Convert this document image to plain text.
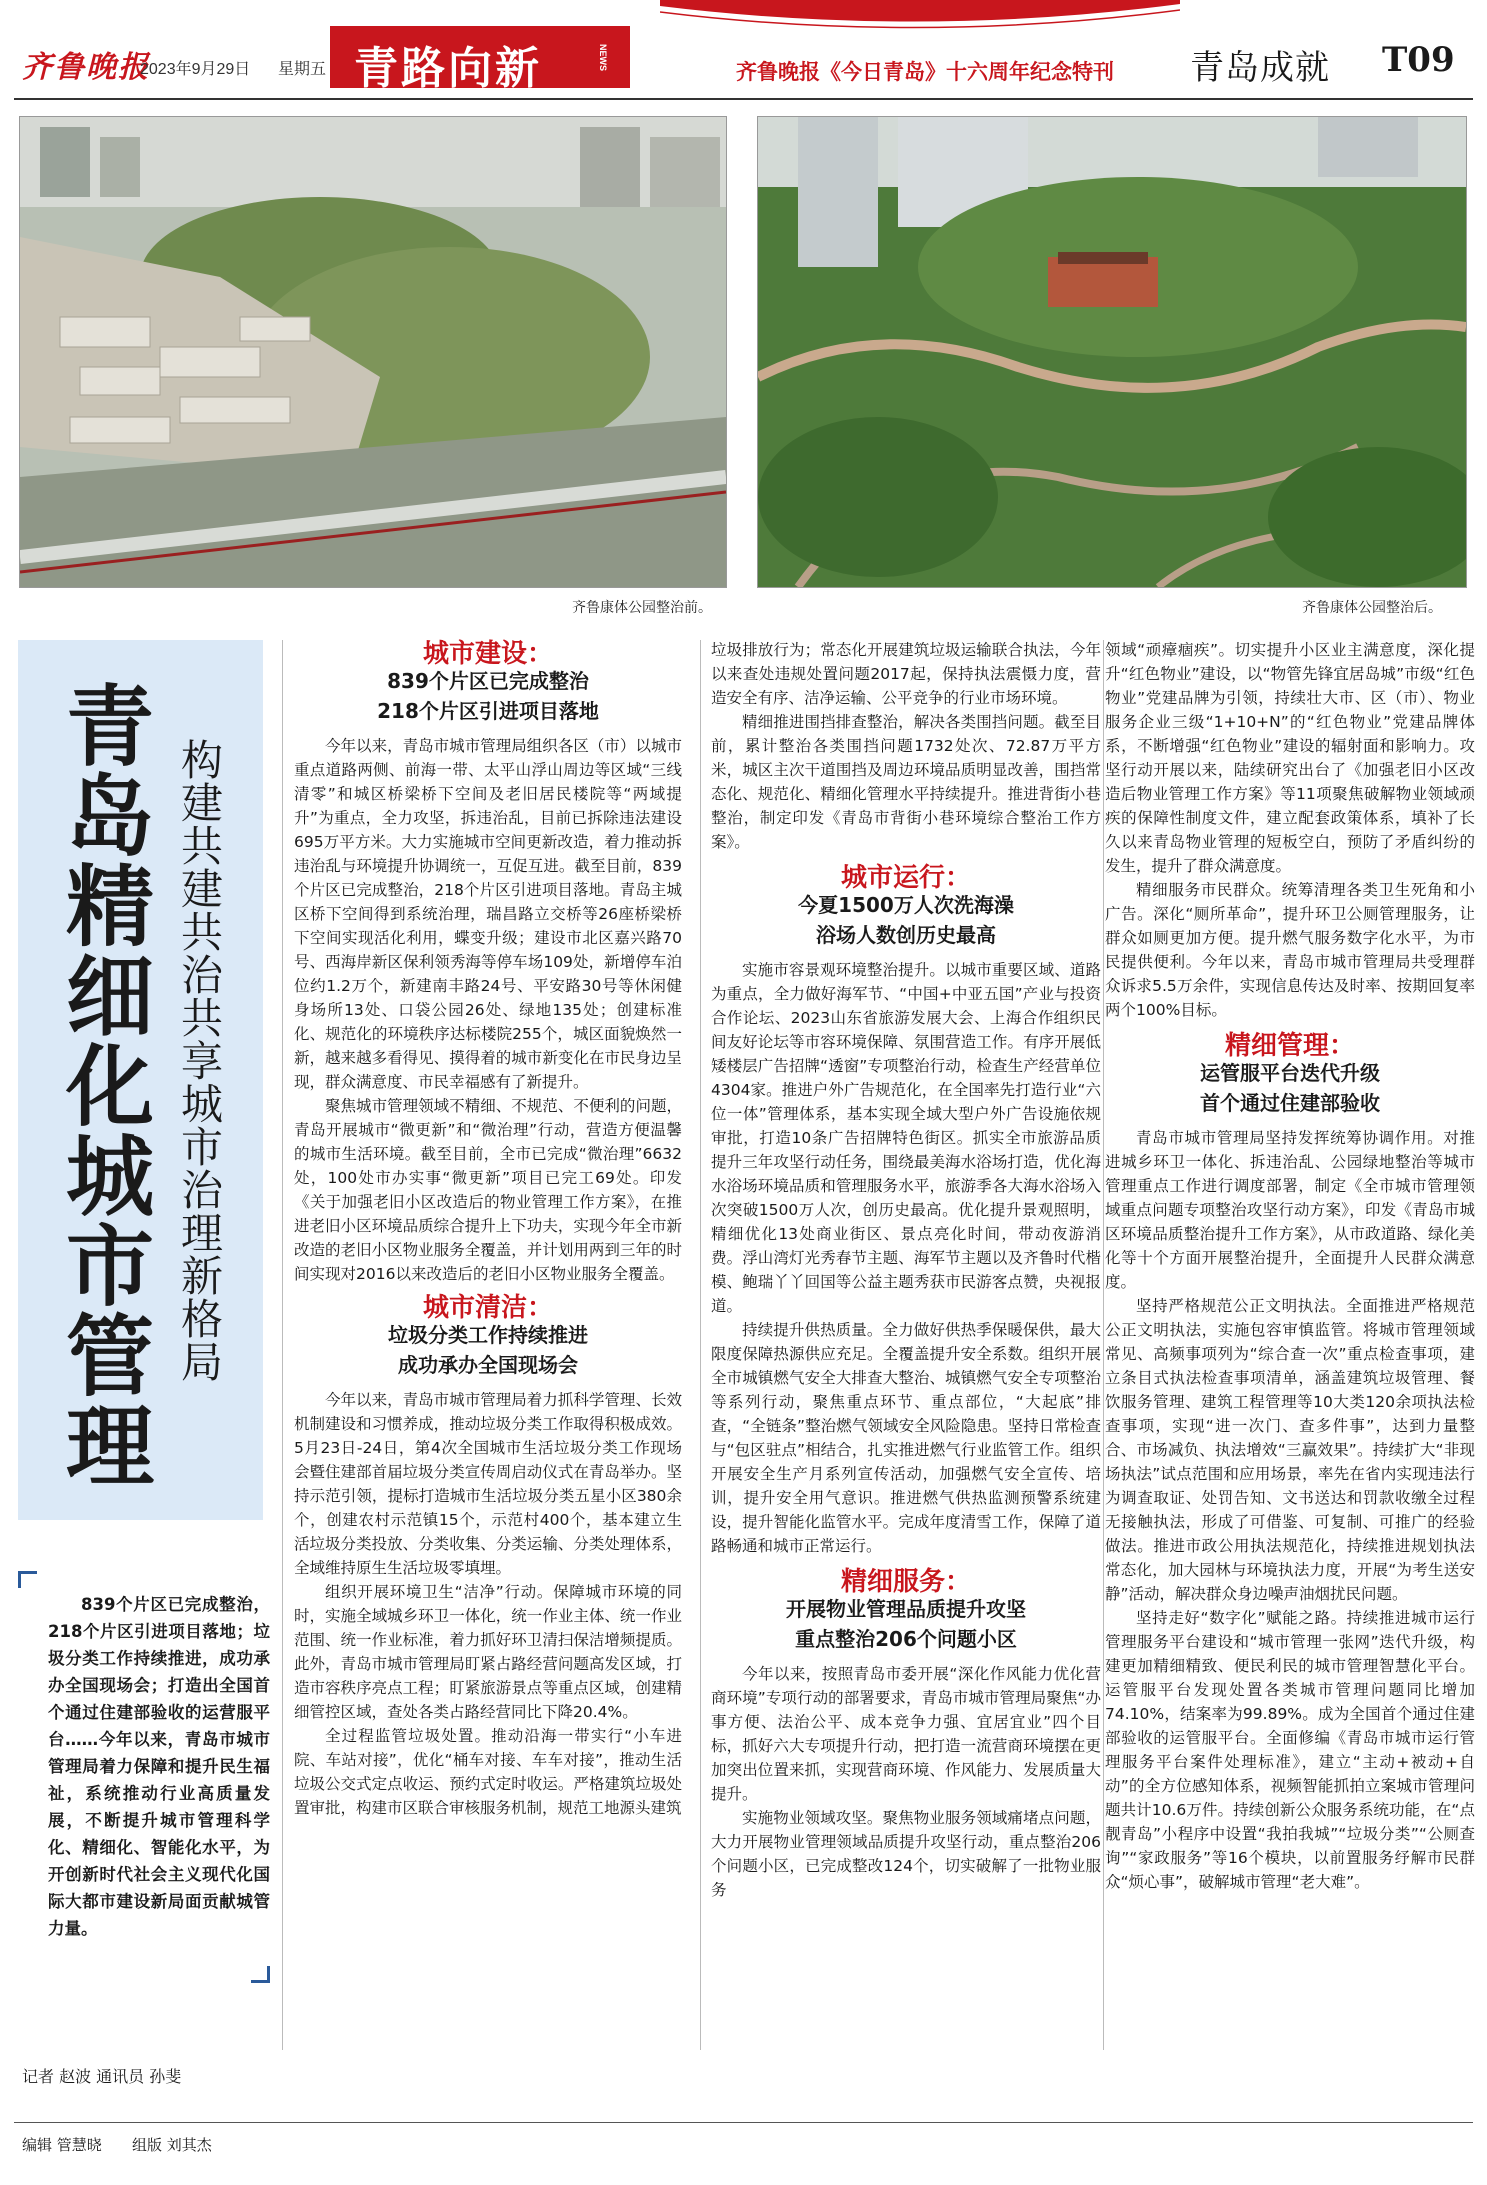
齐鲁晚报
2023年9月29日 星期五 青路向新	NEWS
齐鲁晚报《今日青岛》十六周年纪念特刊 青岛成就 T09
齐鲁康体公园整治前。	齐鲁康体公园整治后。
青岛精细化城市管理 构建共建共治共享城市治理新格局
839个片区已完成整治，218个片区引进项目落地；垃圾分类工作持续推进，成功承办全国现场会；打造出全国首个通过住建部验收的运营服平台……今年以来，青岛市城市管理局着力保障和提升民生福祉，系统推动行业高质量发展，不断提升城市管理科学化、精细化、智能化水平，为开创新时代社会主义现代化国际大都市建设新局面贡献城管力量。
记者 赵波 通讯员 孙斐
城市建设：
839个片区已完成整治
218个片区引进项目落地

今年以来，青岛市城市管理局组织各区（市）以城市重点道路两侧、前海一带、太平山浮山周边等区域“三线清零”和城区桥梁桥下空间及老旧居民楼院等“两域提升”为重点，全力攻坚，拆违治乱，目前已拆除违法建设695万平方米。大力实施城市空间更新改造，着力推动拆违治乱与环境提升协调统一，互促互进。截至目前，839个片区已完成整治，218个片区引进项目落地。青岛主城区桥下空间得到系统治理，瑞昌路立交桥等26座桥梁桥下空间实现活化利用，蝶变升级；建设市北区嘉兴路70号、西海岸新区保利领秀海等停车场109处，新增停车泊位约1.2万个，新建南丰路24号、平安路30号等休闲健身场所13处、口袋公园26处、绿地135处；创建标准化、规范化的环境秩序达标楼院255个，城区面貌焕然一新，越来越多看得见、摸得着的城市新变化在市民身边呈现，群众满意度、市民幸福感有了新提升。

聚焦城市管理领域不精细、不规范、不便利的问题，青岛开展城市“微更新”和“微治理”行动，营造方便温馨的城市生活环境。截至目前，全市已完成“微治理”6632处，100处市办实事“微更新”项目已完工69处。印发《关于加强老旧小区改造后的物业管理工作方案》，在推进老旧小区环境品质综合提升上下功夫，实现今年全市新改造的老旧小区物业服务全覆盖，并计划用两到三年的时间实现对2016以来改造后的老旧小区物业服务全覆盖。

城市清洁：
垃圾分类工作持续推进
成功承办全国现场会

今年以来，青岛市城市管理局着力抓科学管理、长效机制建设和习惯养成，推动垃圾分类工作取得积极成效。5月23日-24日，第4次全国城市生活垃圾分类工作现场会暨住建部首届垃圾分类宣传周启动仪式在青岛举办。坚持示范引领，提标打造城市生活垃圾分类五星小区380余个，创建农村示范镇15个，示范村400个，基本建立生活垃圾分类投放、分类收集、分类运输、分类处理体系，全域维持原生生活垃圾零填埋。

组织开展环境卫生“洁净”行动。保障城市环境的同时，实施全域城乡环卫一体化，统一作业主体、统一作业范围、统一作业标准，着力抓好环卫清扫保洁增频提质。此外，青岛市城市管理局盯紧占路经营问题高发区域，打造市容秩序亮点工程；盯紧旅游景点等重点区域，创建精细管控区域，查处各类占路经营同比下降20.4%。

全过程监管垃圾处置。推动沿海一带实行“小车进院、车站对接”，优化“桶车对接、车车对接”，推动生活垃圾公交式定点收运、预约式定时收运。严格建筑垃圾处置审批，构建市区联合审核服务机制，规范工地源头建筑

垃圾排放行为；常态化开展建筑垃圾运输联合执法，今年以来查处违规处置问题2017起，保持执法震慑力度，营造安全有序、洁净运输、公平竞争的行业市场环境。

精细推进围挡排查整治，解决各类围挡问题。截至目前，累计整治各类围挡问题1732处次、72.87万平方米，城区主次干道围挡及周边环境品质明显改善，围挡常态化、规范化、精细化管理水平持续提升。推进背街小巷整治，制定印发《青岛市背街小巷环境综合整治工作方案》。

城市运行：
今夏1500万人次洗海澡
浴场人数创历史最高

实施市容景观环境整治提升。以城市重要区域、道路为重点，全力做好海军节、“中国+中亚五国”产业与投资合作论坛、2023山东省旅游发展大会、上海合作组织民间友好论坛等市容环境保障、氛围营造工作。有序开展低矮楼层广告招牌“透窗”专项整治行动，检查生产经营单位4304家。推进户外广告规范化，在全国率先打造行业“六位一体”管理体系，基本实现全域大型户外广告设施依规审批，打造10条广告招牌特色街区。抓实全市旅游品质提升三年攻坚行动任务，围绕最美海水浴场打造，优化海水浴场环境品质和管理服务水平，旅游季各大海水浴场入次突破1500万人次，创历史最高。优化提升景观照明，精细优化13处商业街区、景点亮化时间，带动夜游消费。浮山湾灯光秀春节主题、海军节主题以及齐鲁时代楷模、鲍瑞丫丫回国等公益主题秀获市民游客点赞，央视报道。

持续提升供热质量。全力做好供热季保暖保供，最大限度保障热源供应充足。全覆盖提升安全系数。组织开展全市城镇燃气安全大排查大整治、城镇燃气安全专项整治等系列行动，聚焦重点环节、重点部位，“大起底”排查，“全链条”整治燃气领域安全风险隐患。坚持日常检查与“包区驻点”相结合，扎实推进燃气行业监管工作。组织开展安全生产月系列宣传活动，加强燃气安全宣传、培训，提升安全用气意识。推进燃气供热监测预警系统建设，提升智能化监管水平。完成年度清雪工作，保障了道路畅通和城市正常运行。

精细服务：
开展物业管理品质提升攻坚
重点整治206个问题小区

今年以来，按照青岛市委开展“深化作风能力优化营商环境”专项行动的部署要求，青岛市城市管理局聚焦“办事方便、法治公平、成本竞争力强、宜居宜业”四个目标，抓好六大专项提升行动，把打造一流营商环境摆在更加突出位置来抓，实现营商环境、作风能力、发展质量大提升。

实施物业领域攻坚。聚焦物业服务领域痛堵点问题，大力开展物业管理领域品质提升攻坚行动，重点整治206个问题小区，已完成整改124个，切实破解了一批物业服务

领域“顽瘴痼疾”。切实提升小区业主满意度，深化提升“红色物业”建设，以“物管先锋宜居岛城”市级“红色物业”党建品牌为引领，持续壮大市、区（市）、物业服务企业三级“1+10+N”的“红色物业”党建品牌体系，不断增强“红色物业”建设的辐射面和影响力。攻坚行动开展以来，陆续研究出台了《加强老旧小区改造后物业管理工作方案》等11项聚焦破解物业领域顽疾的保障性制度文件，建立配套政策体系，填补了长久以来青岛物业管理的短板空白，预防了矛盾纠纷的发生，提升了群众满意度。

精细服务市民群众。统筹清理各类卫生死角和小广告。深化“厕所革命”，提升环卫公厕管理服务，让群众如厕更加方便。提升燃气服务数字化水平，为市民提供便利。今年以来，青岛市城市管理局共受理群众诉求5.5万余件，实现信息传达及时率、按期回复率两个100%目标。

精细管理：
运管服平台迭代升级
首个通过住建部验收

青岛市城市管理局坚持发挥统筹协调作用。对推进城乡环卫一体化、拆违治乱、公园绿地整治等城市管理重点工作进行调度部署，制定《全市城市管理领域重点问题专项整治攻坚行动方案》，印发《青岛市城区环境品质整治提升工作方案》，从市政道路、绿化美化等十个方面开展整治提升，全面提升人民群众满意度。

坚持严格规范公正文明执法。全面推进严格规范公正文明执法，实施包容审慎监管。将城市管理领域常见、高频事项列为“综合查一次”重点检查事项，建立条目式执法检查事项清单，涵盖建筑垃圾管理、餐饮服务管理、建筑工程管理等10大类120余项执法检查事项，实现“进一次门、查多件事”，达到力量整合、市场减负、执法增效“三赢效果”。持续扩大“非现场执法”试点范围和应用场景，率先在省内实现违法行为调查取证、处罚告知、文书送达和罚款收缴全过程无接触执法，形成了可借鉴、可复制、可推广的经验做法。推进市政公用执法规范化，持续推进规划执法常态化，加大园林与环境执法力度，开展“为考生送安静”活动，解决群众身边噪声油烟扰民问题。

坚持走好“数字化”赋能之路。持续推进城市运行管理服务平台建设和“城市管理一张网”迭代升级，构建更加精细精致、便民利民的城市管理智慧化平台。运管服平台发现处置各类城市管理问题同比增加74.10%，结案率为99.89%。成为全国首个通过住建部验收的运管服平台。全面修编《青岛市城市运行管理服务平台案件处理标准》，建立“主动+被动+自动”的全方位感知体系，视频智能抓拍立案城市管理问题共计10.6万件。持续创新公众服务系统功能，在“点靓青岛”小程序中设置“我拍我城”“垃圾分类”“公厕查询”“家政服务”等16个模块，以前置服务纾解市民群众“烦心事”，破解城市管理“老大难”。

编辑 管慧晓 组版 刘其杰
